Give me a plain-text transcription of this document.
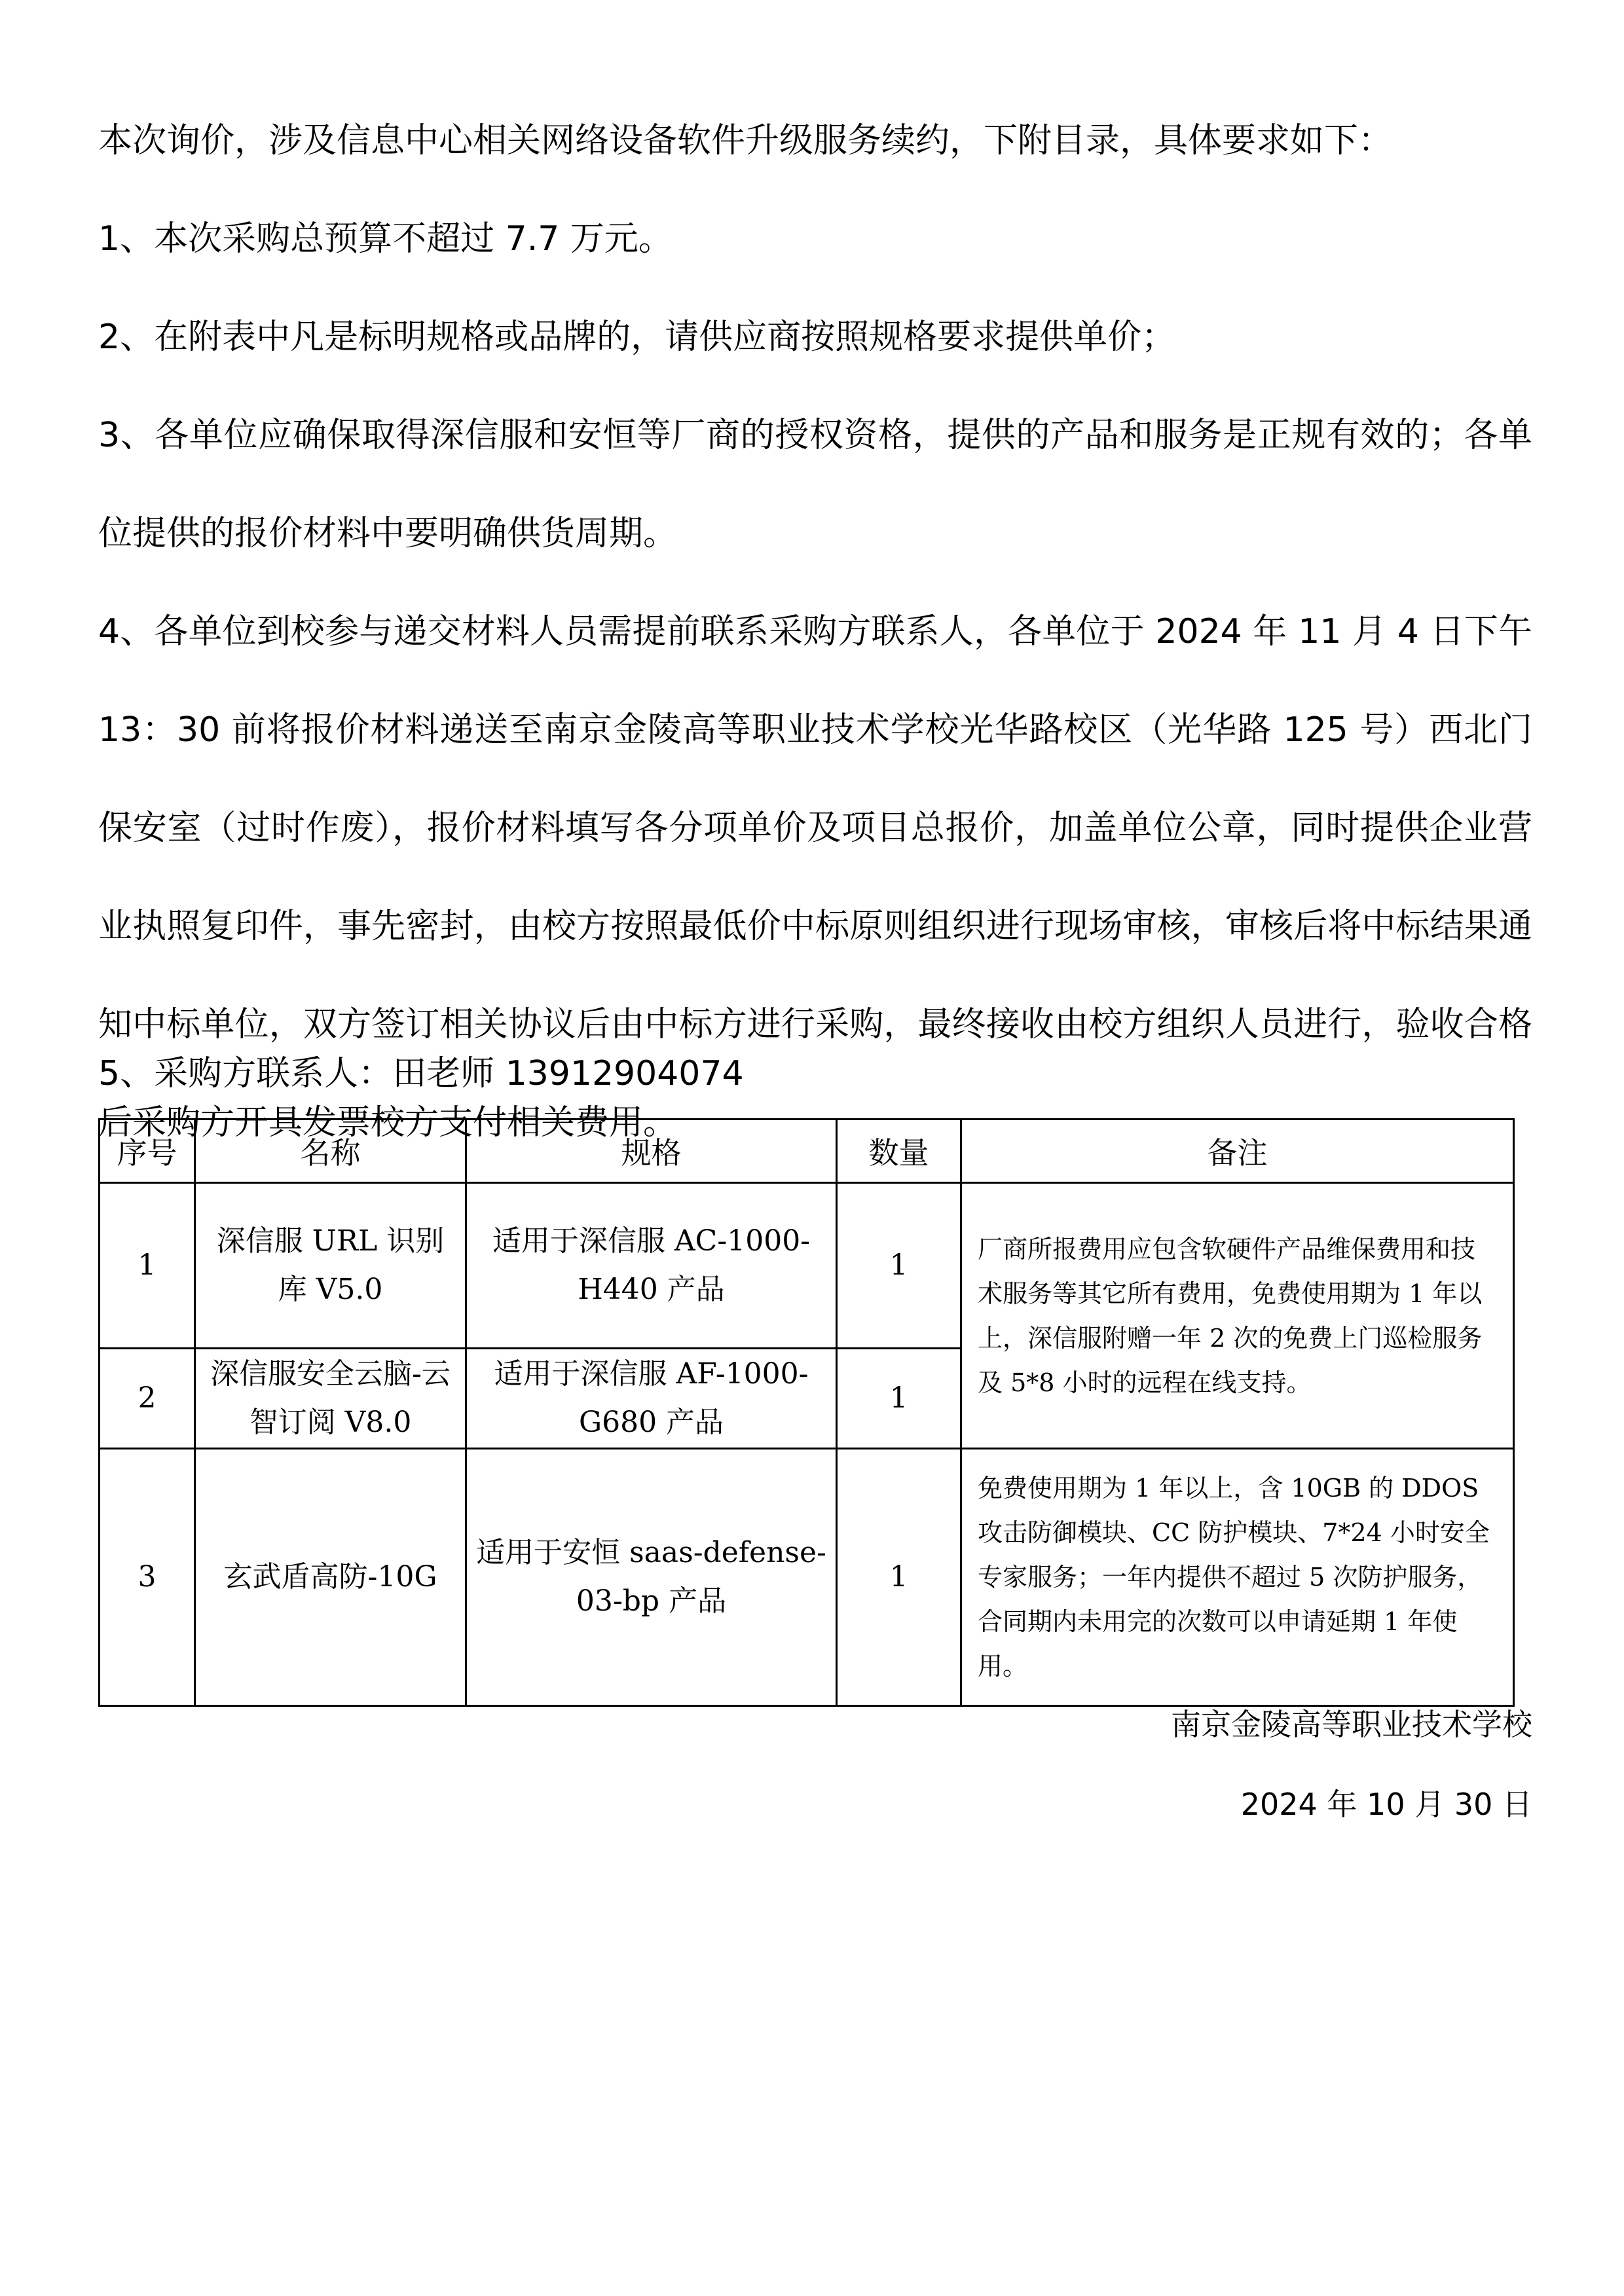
本次询价，涉及信息中心相关网络设备软件升级服务续约，下附目录，具体要求如下：

1、本次采购总预算不超过 7.7 万元。

2、在附表中凡是标明规格或品牌的，请供应商按照规格要求提供单价；

3、各单位应确保取得深信服和安恒等厂商的授权资格，提供的产品和服务是正规有效的；各单位提供的报价材料中要明确供货周期。

4、各单位到校参与递交材料人员需提前联系采购方联系人，各单位于 2024 年 11 月 4 日下午 13：30 前将报价材料递送至南京金陵高等职业技术学校光华路校区（光华路 125 号）西北门保安室（过时作废），报价材料填写各分项单价及项目总报价，加盖单位公章，同时提供企业营业执照复印件，事先密封，由校方按照最低价中标原则组织进行现场审核，审核后将中标结果通知中标单位，双方签订相关协议后由中标方进行采购，最终接收由校方组织人员进行，验收合格后采购方开具发票校方支付相关费用。

5、采购方联系人：田老师 13912904074

序号	名称	规格	数量	备注
1	深信服 URL 识别库 V5.0	适用于深信服 AC-1000-H440 产品	1	厂商所报费用应包含软硬件产品维保费用和技术服务等其它所有费用，免费使用期为 1 年以上，深信服附赠一年 2 次的免费上门巡检服务及 5*8 小时的远程在线支持。
2	深信服安全云脑-云智订阅 V8.0	适用于深信服 AF-1000-G680 产品	1	
3	玄武盾高防-10G	适用于安恒 saas-defense-03-bp 产品	1	免费使用期为 1 年以上，含 10GB 的 DDOS 攻击防御模块、CC 防护模块、7*24 小时安全专家服务；一年内提供不超过 5 次防护服务，合同期内未用完的次数可以申请延期 1 年使用。

南京金陵高等职业技术学校

2024 年 10 月 30 日
